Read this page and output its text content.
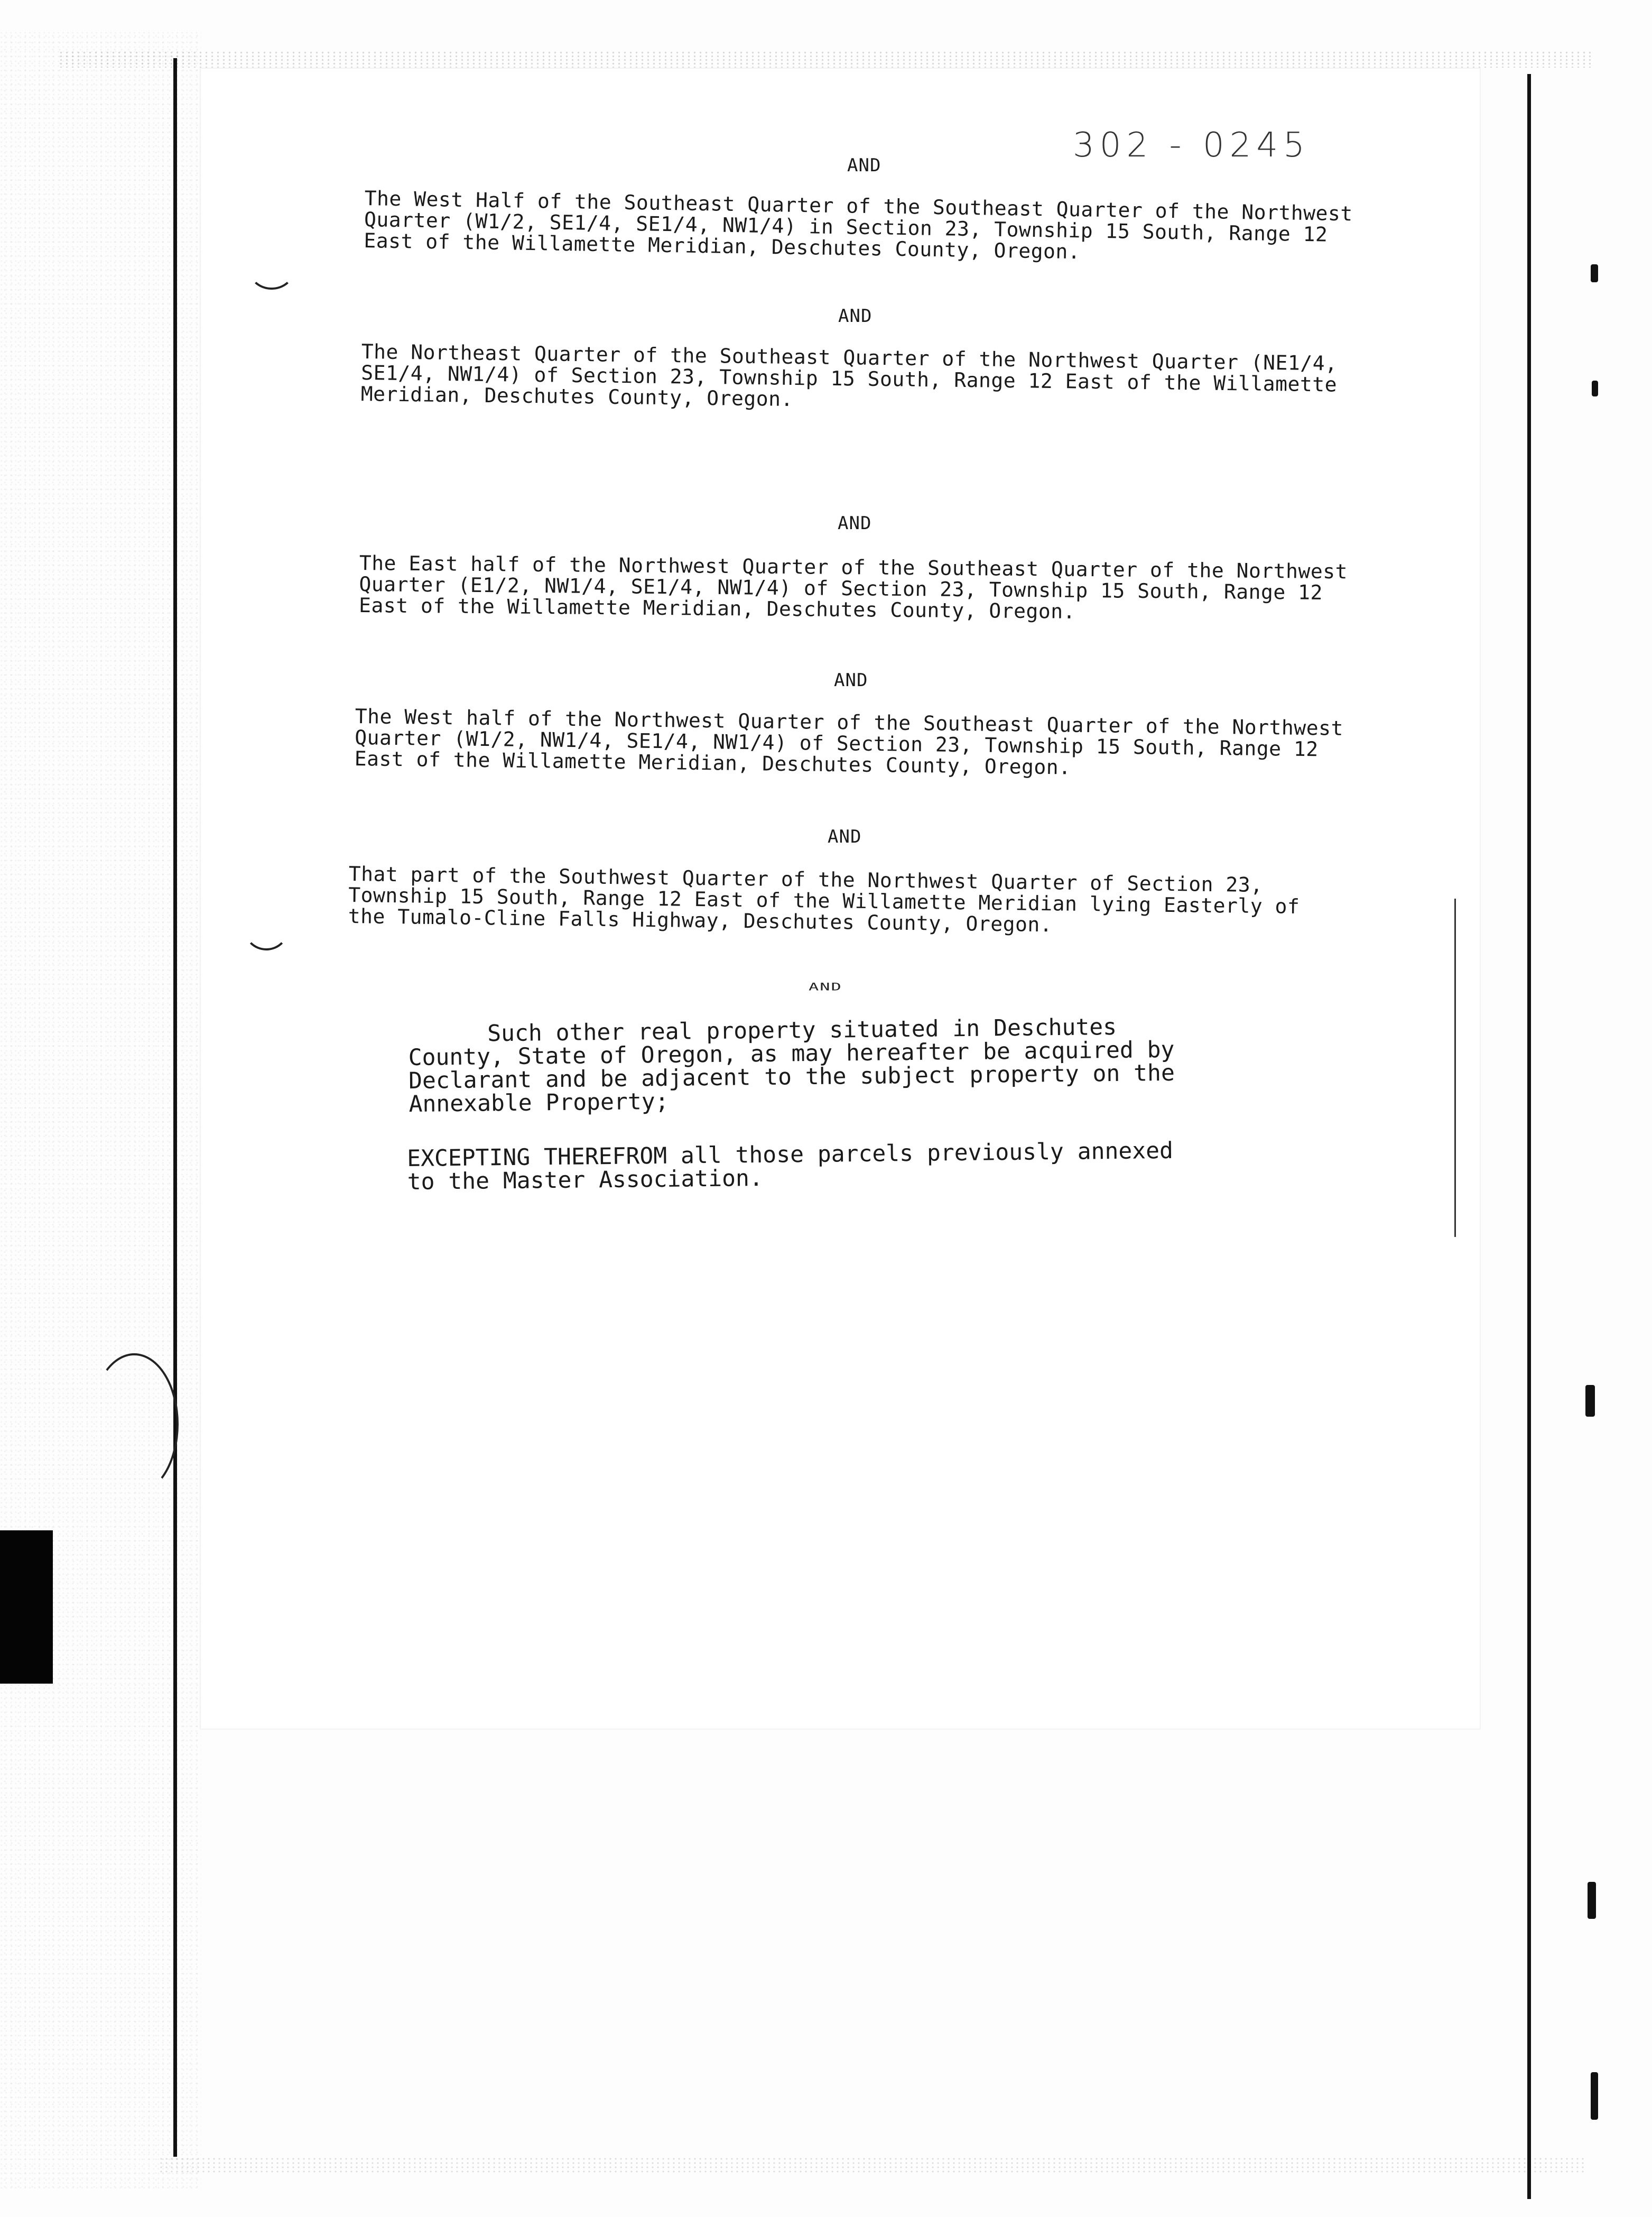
302 - 0245
AND
The West Half of the Southeast Quarter of the Southeast Quarter of the Northwest
Quarter (W1/2, SE1/4, SE1/4, NW1/4) in Section 23, Township 15 South, Range 12
East of the Willamette Meridian, Deschutes County, Oregon.
AND
The Northeast Quarter of the Southeast Quarter of the Northwest Quarter (NE1/4,
SE1/4, NW1/4) of Section 23, Township 15 South, Range 12 East of the Willamette
Meridian, Deschutes County, Oregon.
AND
The East half of the Northwest Quarter of the Southeast Quarter of the Northwest
Quarter (E1/2, NW1/4, SE1/4, NW1/4) of Section 23, Township 15 South, Range 12
East of the Willamette Meridian, Deschutes County, Oregon.
AND
The West half of the Northwest Quarter of the Southeast Quarter of the Northwest
Quarter (W1/2, NW1/4, SE1/4, NW1/4) of Section 23, Township 15 South, Range 12
East of the Willamette Meridian, Deschutes County, Oregon.
AND
That part of the Southwest Quarter of the Northwest Quarter of Section 23,
Township 15 South, Range 12 East of the Willamette Meridian lying Easterly of
the Tumalo-Cline Falls Highway, Deschutes County, Oregon.
AND
Such other real property situated in Deschutes
County, State of Oregon, as may hereafter be acquired by
Declarant and be adjacent to the subject property on the
Annexable Property;
EXCEPTING THEREFROM all those parcels previously annexed
to the Master Association.
